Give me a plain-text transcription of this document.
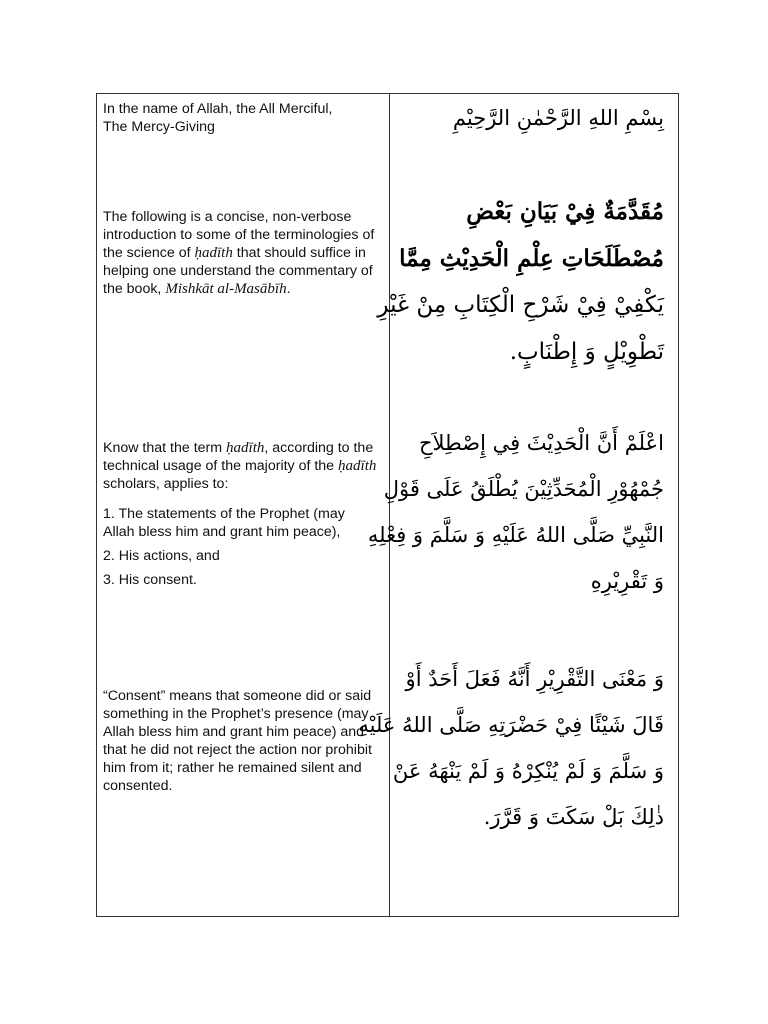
In the name of Allah, the All Merciful,
The Mercy-Giving	بِسْمِ اللهِ الرَّحْمٰنِ الرَّحِيْمِ
The following is a concise, non-verbose introduction to some of the terminologies of the science of ḥadīth that should suffice in helping one understand the commentary of the book, Mishkāt al-Masābīh.
مُقَدَّمَةٌ فِيْ بَيَانِ بَعْضِ
مُصْطَلَحَاتِ عِلْمِ الْحَدِيْثِ مِمَّا
يَكْفِيْ فِيْ شَرْحِ الْكِتَابِ مِنْ غَيْرِ
تَطْوِيْلٍ وَ إِطْنَابٍ.

Know that the term ḥadīth, according to the technical usage of the majority of the ḥadīth scholars, applies to:

1. The statements of the Prophet (may Allah bless him and grant him peace),

2. His actions, and

3. His consent.

اعْلَمْ أَنَّ الْحَدِيْثَ فِي إِصْطِلاَحِ
جُمْهُوْرِ الْمُحَدِّثِيْنَ يُطْلَقُ عَلَى قَوْلِ
النَّبِيِّ صَلَّى اللهُ عَلَيْهِ وَ سَلَّمَ وَ فِعْلِهِ
وَ تَقْرِيْرِهِ
“Consent” means that someone did or said something in the Prophet’s presence (may Allah bless him and grant him peace) and that he did not reject the action nor prohibit him from it; rather he remained silent and consented.
وَ مَعْنَى التَّقْرِيْرِ أَنَّهُ فَعَلَ أَحَدٌ أَوْ
قَالَ شَيْئًا فِيْ حَضْرَتِهِ صَلَّى اللهُ عَلَيْهِ
وَ سَلَّمَ وَ لَمْ يُنْكِرْهُ وَ لَمْ يَنْهَهُ عَنْ
ذٰلِكَ بَلْ سَكَتَ وَ قَرَّرَ.
